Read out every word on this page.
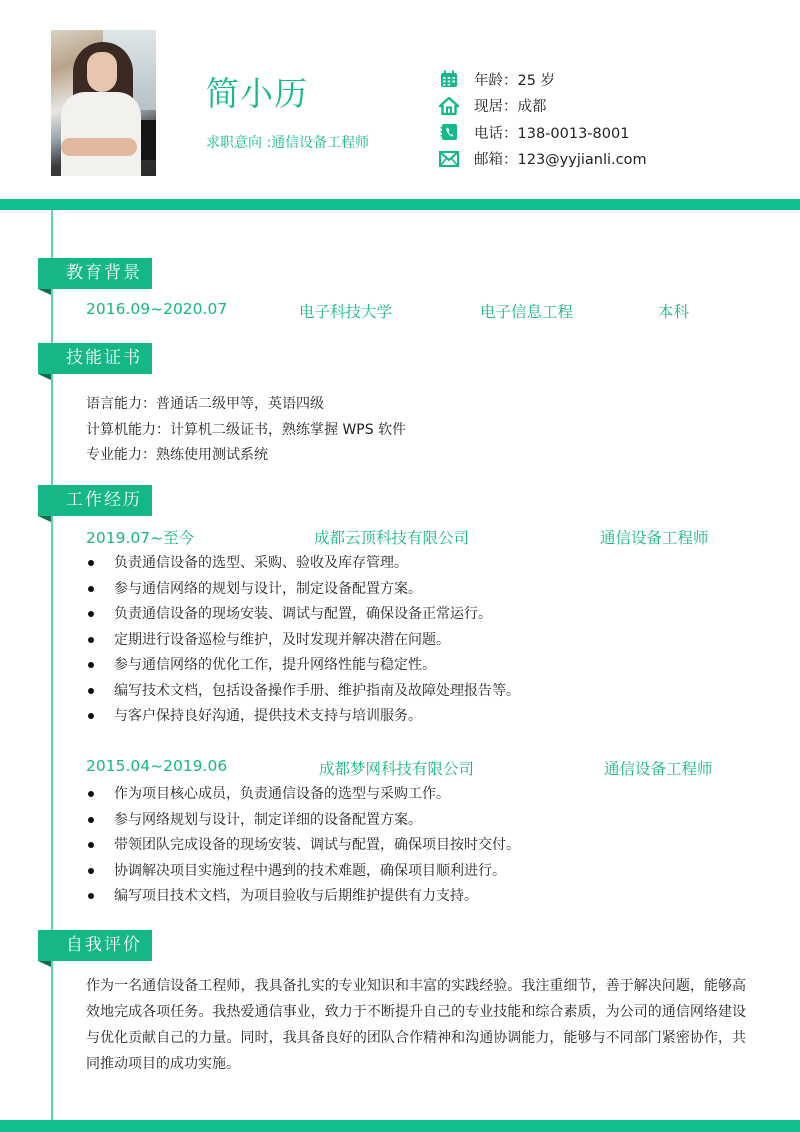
简小历
求职意向 :通信设备工程师
年龄：25 岁
现居：成都
电话：138-0013-8001
邮箱：123@yyjianli.com
教育背景
2016.09~2020.07	电子科技大学	电子信息工程	本科
技能证书
语言能力：普通话二级甲等，英语四级
计算机能力：计算机二级证书，熟练掌握 WPS 软件
专业能力：熟练使用测试系统
工作经历
2019.07~至今	成都云顶科技有限公司	通信设备工程师
负责通信设备的选型、采购、验收及库存管理。
参与通信网络的规划与设计，制定设备配置方案。
负责通信设备的现场安装、调试与配置，确保设备正常运行。
定期进行设备巡检与维护，及时发现并解决潜在问题。
参与通信网络的优化工作，提升网络性能与稳定性。
编写技术文档，包括设备操作手册、维护指南及故障处理报告等。
与客户保持良好沟通，提供技术支持与培训服务。
2015.04~2019.06	成都梦网科技有限公司	通信设备工程师
作为项目核心成员，负责通信设备的选型与采购工作。
参与网络规划与设计，制定详细的设备配置方案。
带领团队完成设备的现场安装、调试与配置，确保项目按时交付。
协调解决项目实施过程中遇到的技术难题，确保项目顺利进行。
编写项目技术文档，为项目验收与后期维护提供有力支持。
自我评价
作为一名通信设备工程师，我具备扎实的专业知识和丰富的实践经验。我注重细节，善于解决问题，能够高效地完成各项任务。我热爱通信事业，致力于不断提升自己的专业技能和综合素质，为公司的通信网络建设与优化贡献自己的力量。同时，我具备良好的团队合作精神和沟通协调能力，能够与不同部门紧密协作，共同推动项目的成功实施。
